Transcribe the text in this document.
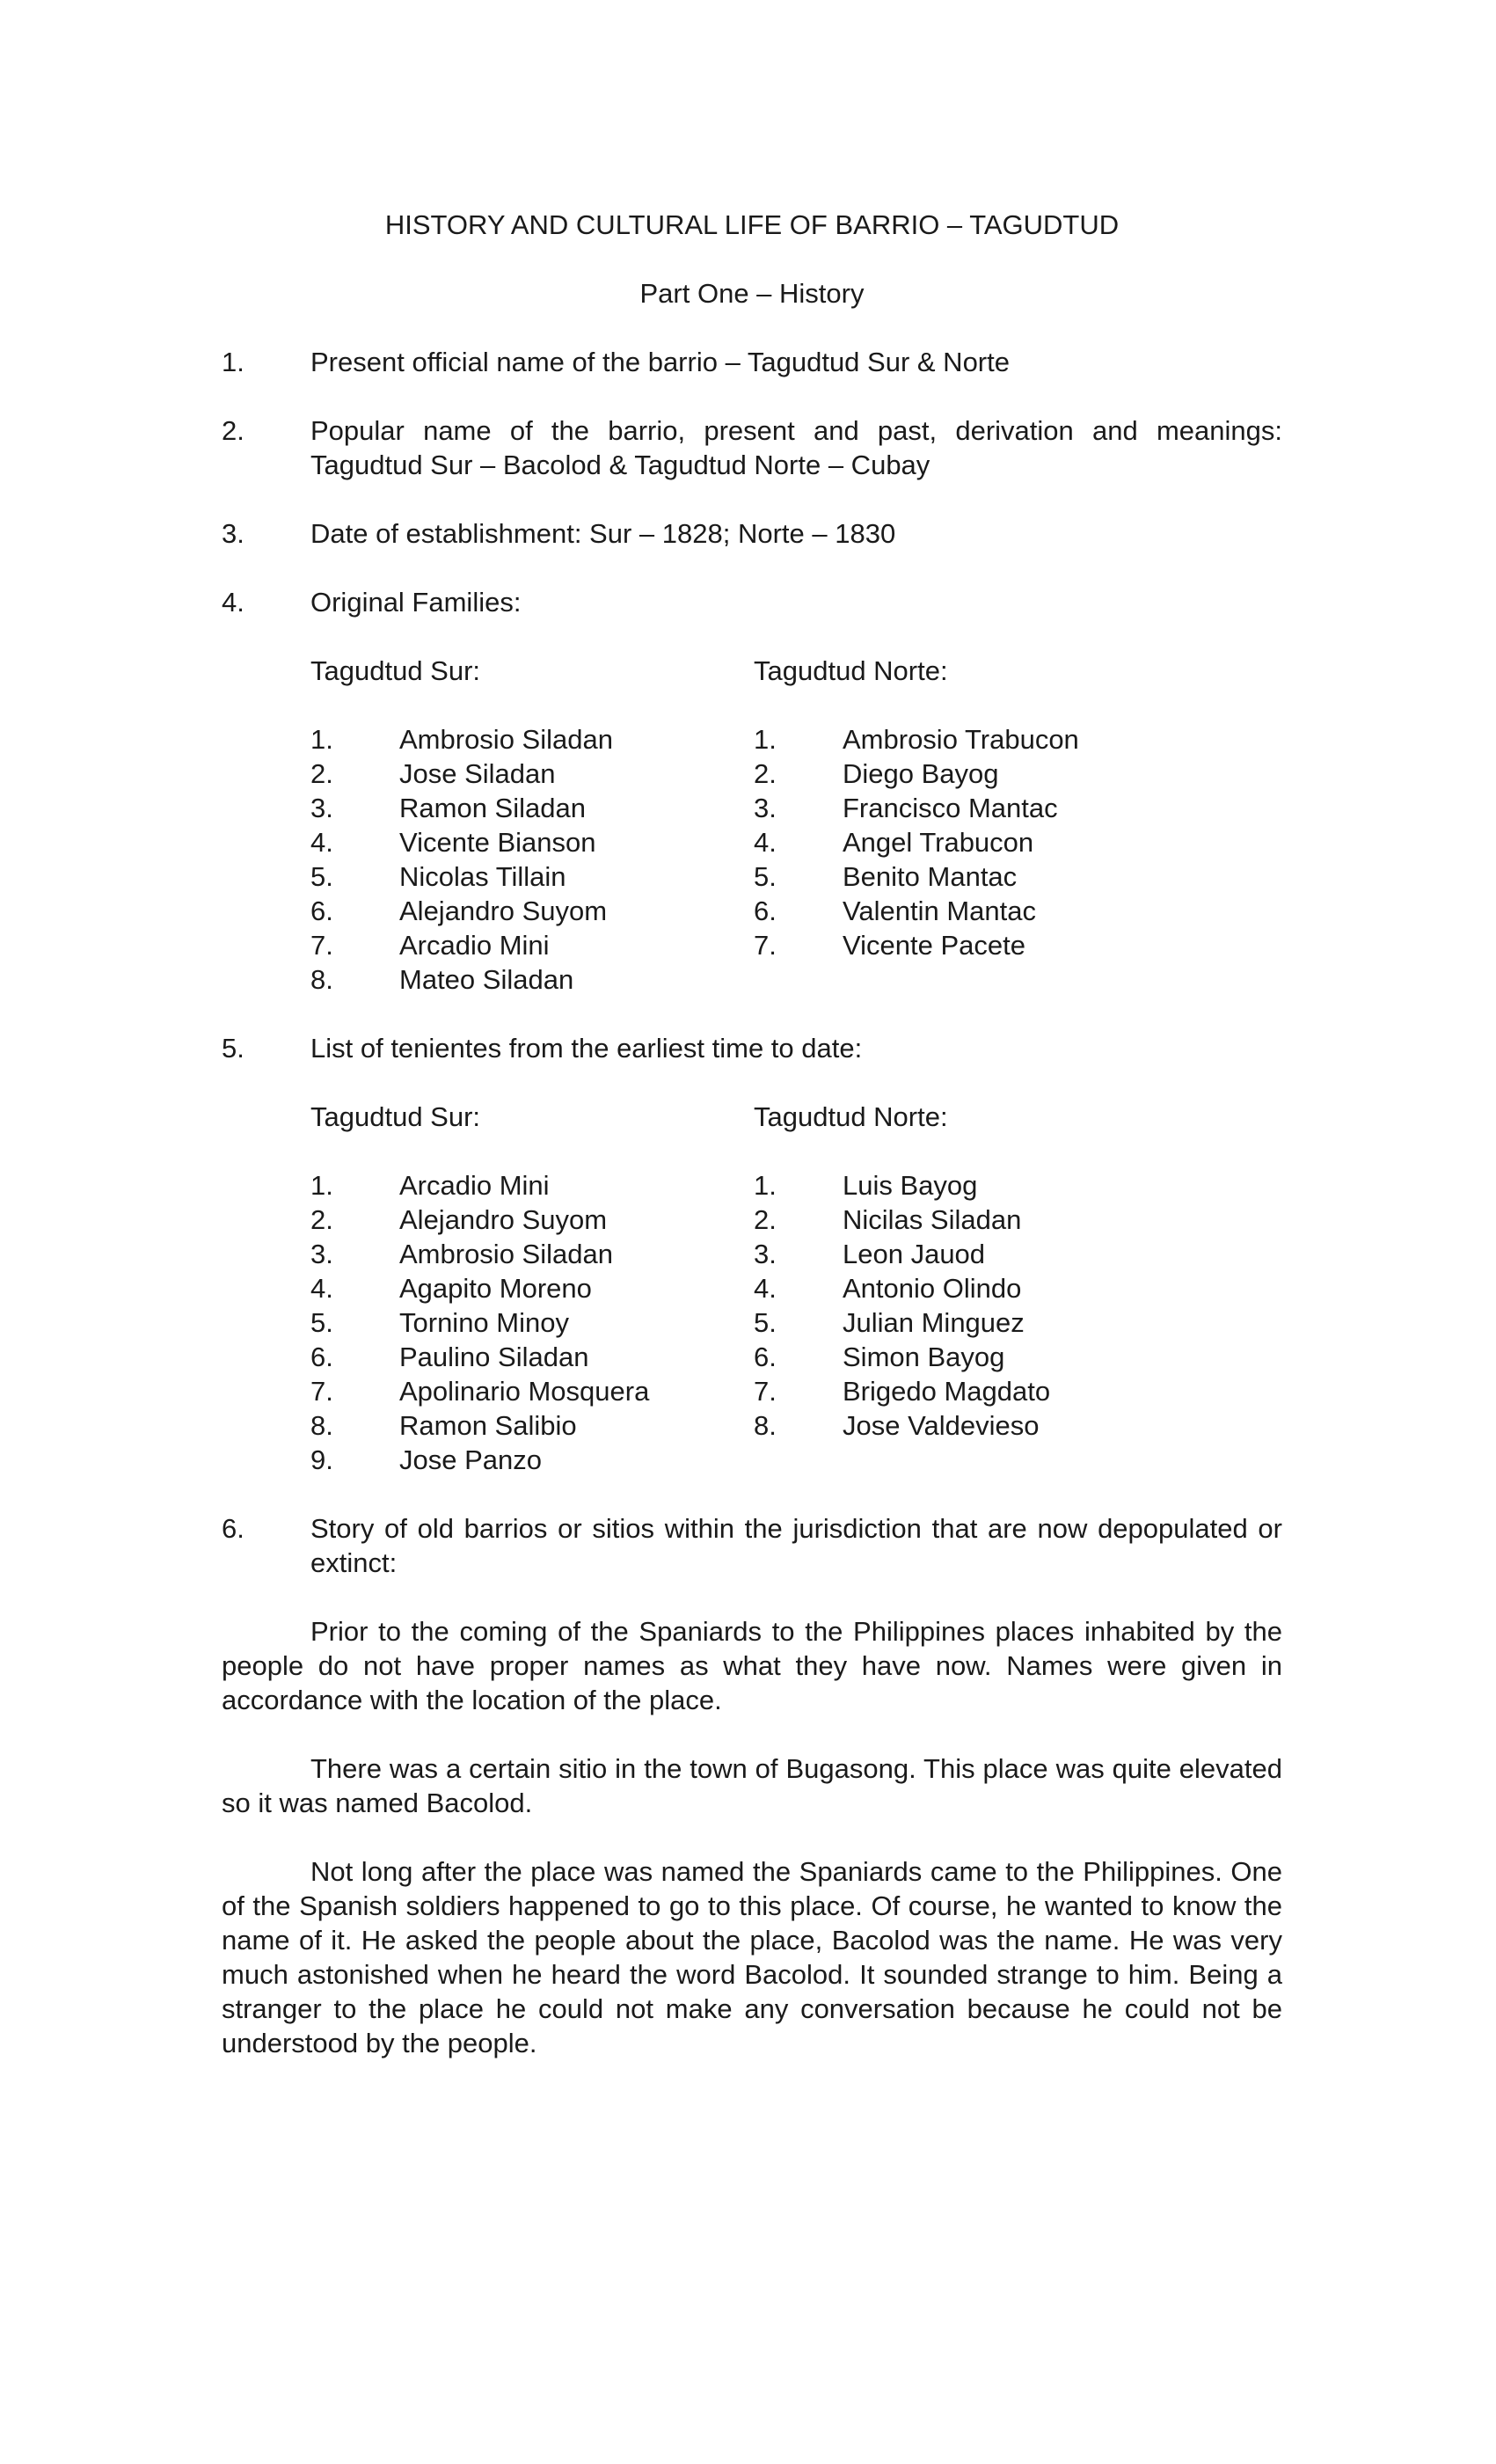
HISTORY AND CULTURAL LIFE OF BARRIO – TAGUDTUD
Part One – History
1. Present official name of the barrio – Tagudtud Sur & Norte
2. Popular name of the barrio, present and past, derivation and meanings: Tagudtud Sur – Bacolod & Tagudtud Norte – Cubay
3. Date of establishment: Sur – 1828; Norte – 1830
4. Original Families:
Tagudtud Sur:
1. Ambrosio Siladan
2. Jose Siladan
3. Ramon Siladan
4. Vicente Bianson
5. Nicolas Tillain
6. Alejandro Suyom
7. Arcadio Mini
8. Mateo Siladan
Tagudtud Norte:
1. Ambrosio Trabucon
2. Diego Bayog
3. Francisco Mantac
4. Angel Trabucon
5. Benito Mantac
6. Valentin Mantac
7. Vicente Pacete
5. List of tenientes from the earliest time to date:
Tagudtud Sur:
1. Arcadio Mini
2. Alejandro Suyom
3. Ambrosio Siladan
4. Agapito Moreno
5. Tornino Minoy
6. Paulino Siladan
7. Apolinario Mosquera
8. Ramon Salibio
9. Jose Panzo
Tagudtud Norte:
1. Luis Bayog
2. Nicilas Siladan
3. Leon Jauod
4. Antonio Olindo
5. Julian Minguez
6. Simon Bayog
7. Brigedo Magdato
8. Jose Valdevieso
6. Story of old barrios or sitios within the jurisdiction that are now depopulated or extinct:
Prior to the coming of the Spaniards to the Philippines places inhabited by the people do not have proper names as what they have now. Names were given in accordance with the location of the place.
There was a certain sitio in the town of Bugasong. This place was quite elevated so it was named Bacolod.
Not long after the place was named the Spaniards came to the Philippines. One of the Spanish soldiers happened to go to this place. Of course, he wanted to know the name of it. He asked the people about the place, Bacolod was the name. He was very much astonished when he heard the word Bacolod. It sounded strange to him. Being a stranger to the place he could not make any conversation because he could not be understood by the people.
